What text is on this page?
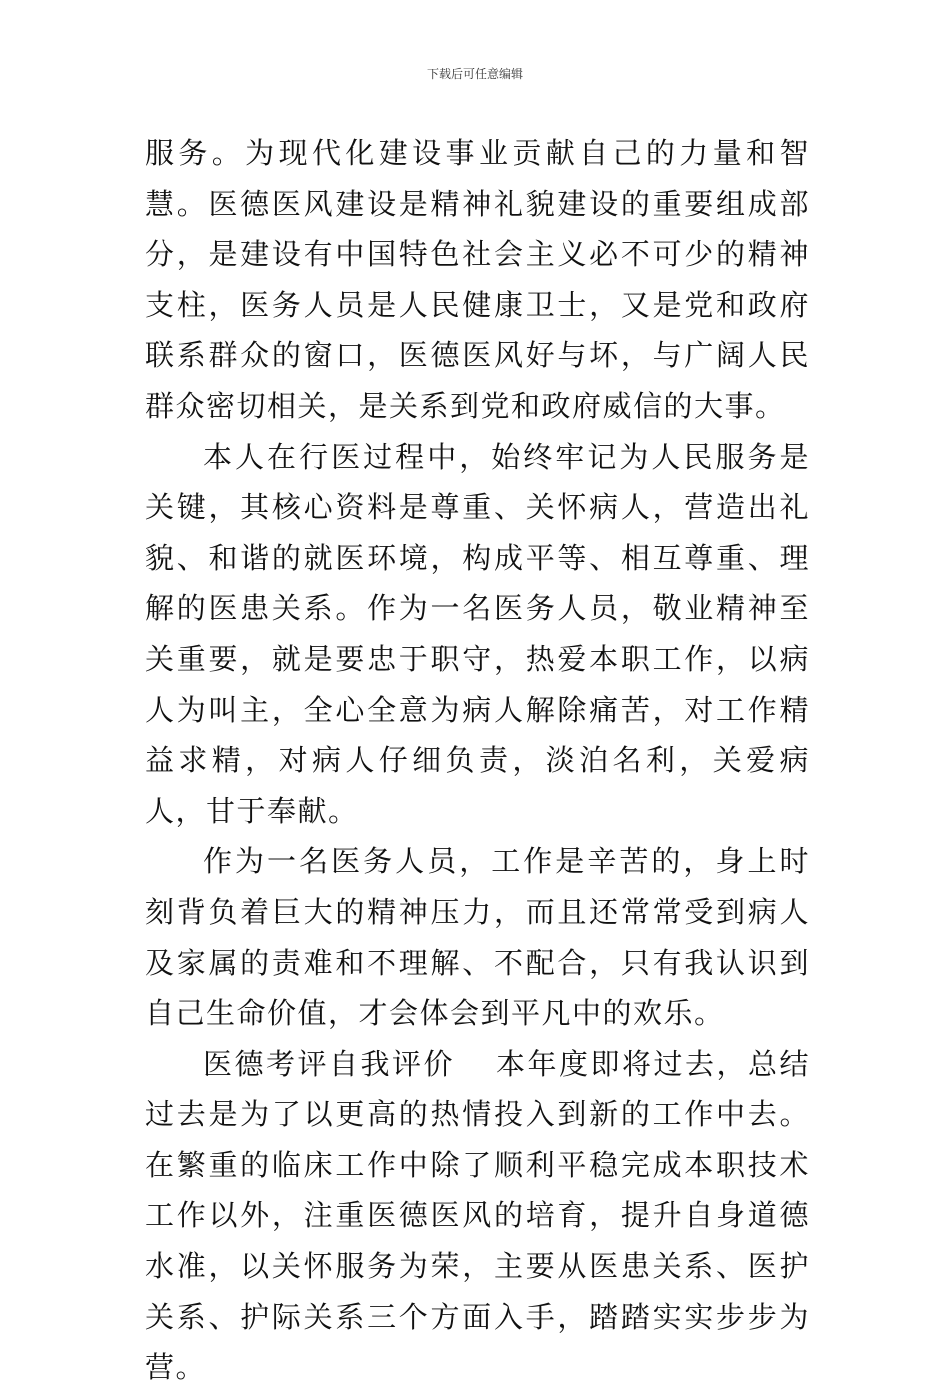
下载后可任意编辑

服务。为现代化建设事业贡献自己的力量和智慧。医德医风建设是精神礼貌建设的重要组成部分，是建设有中国特色社会主义必不可少的精神支柱，医务人员是人民健康卫士，又是党和政府联系群众的窗口，医德医风好与坏，与广阔人民群众密切相关，是关系到党和政府威信的大事。

本人在行医过程中，始终牢记为人民服务是关键，其核心资料是尊重、关怀病人，营造出礼貌、和谐的就医环境，构成平等、相互尊重、理解的医患关系。作为一名医务人员，敬业精神至关重要，就是要忠于职守，热爱本职工作，以病人为叫主，全心全意为病人解除痛苦，对工作精益求精，对病人仔细负责，淡泊名利，关爱病人，甘于奉献。

作为一名医务人员，工作是辛苦的，身上时刻背负着巨大的精神压力，而且还常常受到病人及家属的责难和不理解、不配合，只有我认识到自己生命价值，才会体会到平凡中的欢乐。

医德考评自我评价 本年度即将过去，总结过去是为了以更高的热情投入到新的工作中去。在繁重的临床工作中除了顺利平稳完成本职技术工作以外，注重医德医风的培育，提升自身道德水准，以关怀服务为荣，主要从医患关系、医护关系、护际关系三个方面入手，踏踏实实步步为营。
